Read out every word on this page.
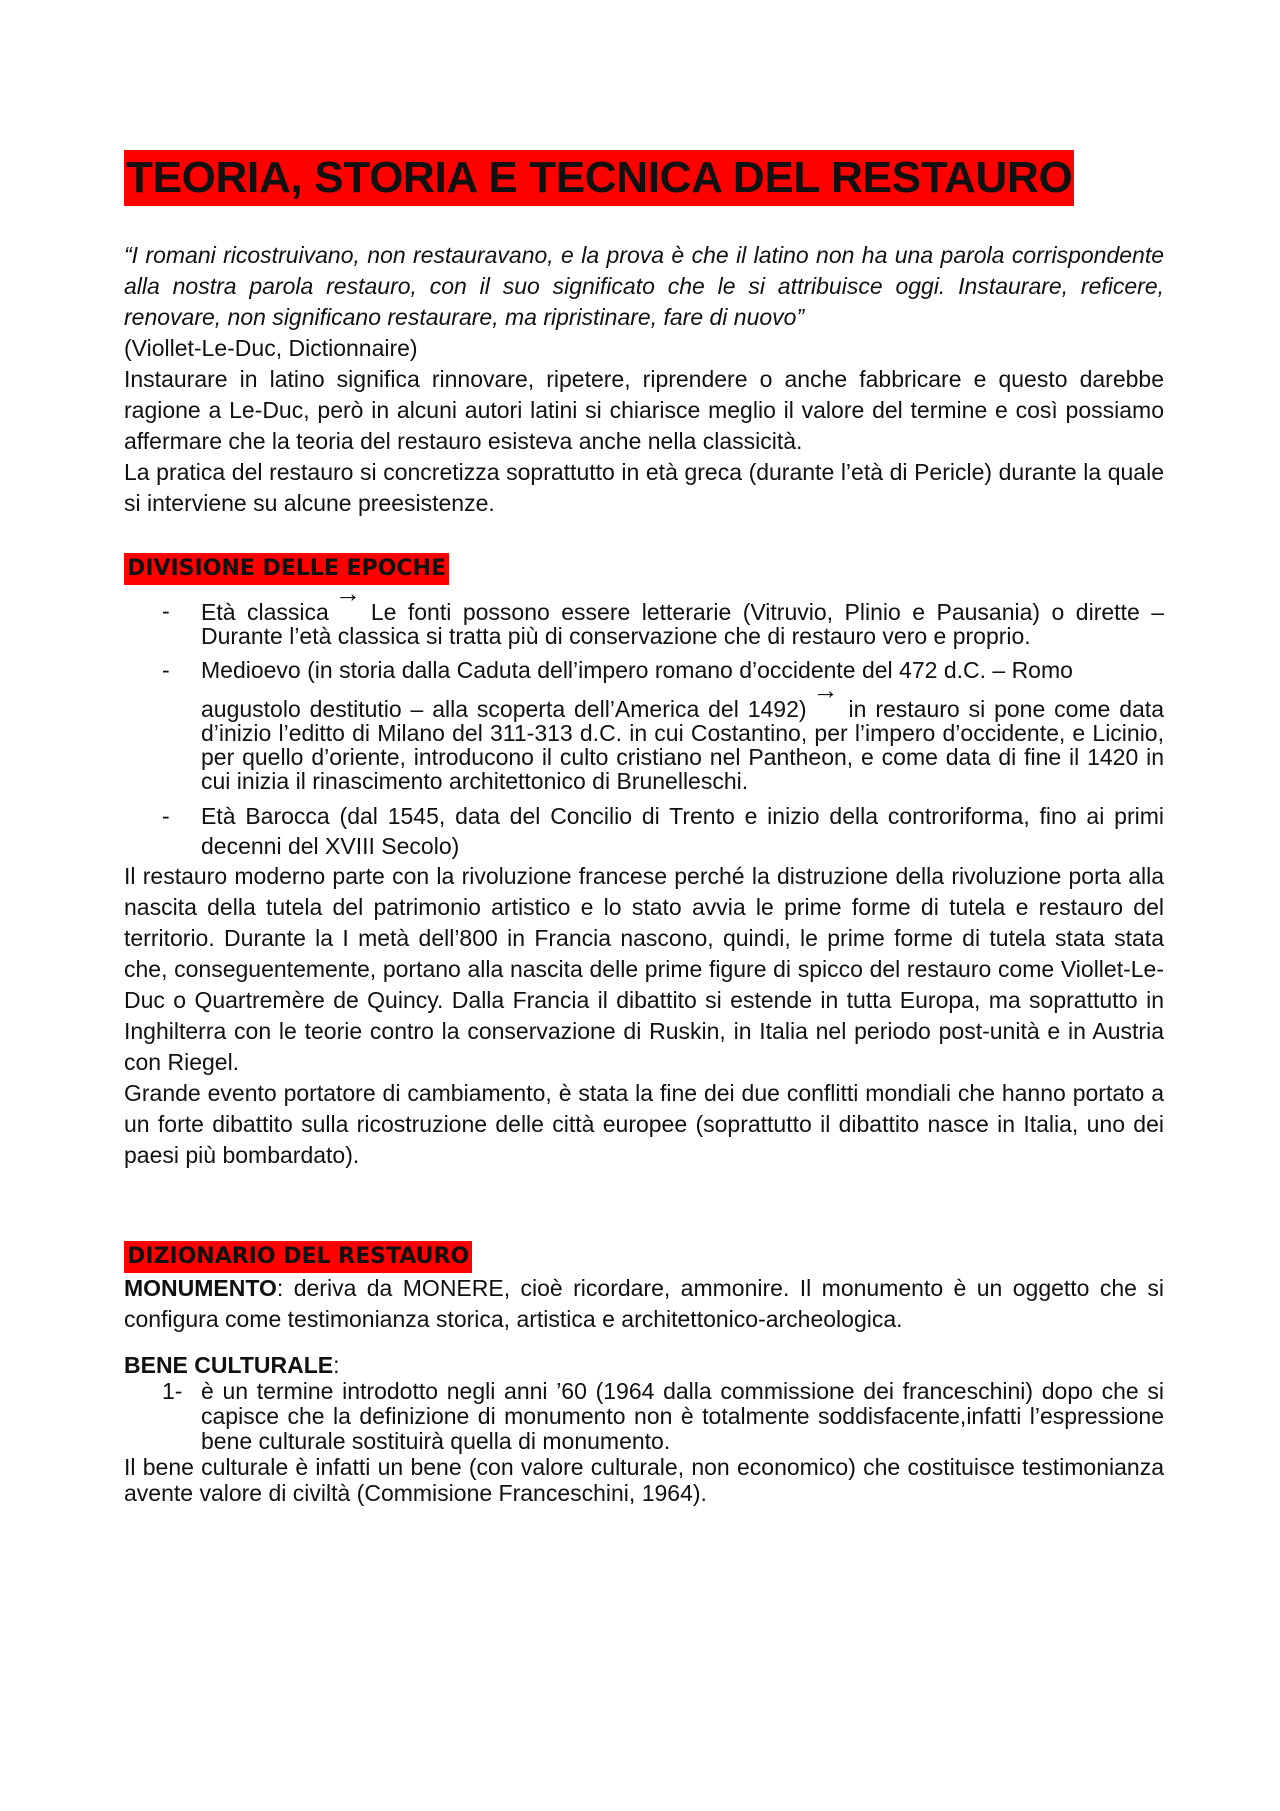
TEORIA, STORIA E TECNICA DEL RESTAURO

“I romani ricostruivano, non restauravano, e la prova è che il latino non ha una parola corrispondente alla nostra parola restauro, con il suo significato che le si attribuisce oggi. Instaurare, reficere, renovare, non significano restaurare, ma ripristinare, fare di nuovo”

(Viollet-Le-Duc, Dictionnaire)

Instaurare in latino significa rinnovare, ripetere, riprendere o anche fabbricare e questo darebbe ragione a Le-Duc, però in alcuni autori latini si chiarisce meglio il valore del termine e così possiamo affermare che la teoria del restauro esisteva anche nella classicità.

La pratica del restauro si concretizza soprattutto in età greca (durante l’età di Pericle) durante la quale si interviene su alcune preesistenze.

DIVISIONE DELLE EPOCHE
- Età classica→Le fonti possono essere letterarie (Vitruvio, Plinio e Pausania) o dirette – Durante l’età classica si tratta più di conservazione che di restauro vero e proprio.
- Medioevo (in storia dalla Caduta dell’impero romano d’occidente del 472 d.C. – Romo
augustolo destitutio – alla scoperta dell’America del 1492)→in restauro si pone come data d’inizio l’editto di Milano del 311-313 d.C. in cui Costantino, per l’impero d’occidente, e Licinio, per quello d’oriente, introducono il culto cristiano nel Pantheon, e come data di fine il 1420 in cui inizia il rinascimento architettonico di Brunelleschi.
- Età Barocca (dal 1545, data del Concilio di Trento e inizio della controriforma, fino ai primi decenni del XVIII Secolo)

Il restauro moderno parte con la rivoluzione francese perché la distruzione della rivoluzione porta alla nascita della tutela del patrimonio artistico e lo stato avvia le prime forme di tutela e restauro del territorio. Durante la I metà dell’800 in Francia nascono, quindi, le prime forme di tutela stata stata che, conseguentemente, portano alla nascita delle prime figure di spicco del restauro come Viollet-Le-Duc o Quartremère de Quincy. Dalla Francia il dibattito si estende in tutta Europa, ma soprattutto in Inghilterra con le teorie contro la conservazione di Ruskin, in Italia nel periodo post-unità e in Austria con Riegel.

Grande evento portatore di cambiamento, è stata la fine dei due conflitti mondiali che hanno portato a un forte dibattito sulla ricostruzione delle città europee (soprattutto il dibattito nasce in Italia, uno dei paesi più bombardato).

DIZIONARIO DEL RESTAURO

MONUMENTO: deriva da MONERE, cioè ricordare, ammonire. Il monumento è un oggetto che si configura come testimonianza storica, artistica e architettonico-archeologica.

BENE CULTURALE:
1- è un termine introdotto negli anni ’60 (1964 dalla commissione dei franceschini) dopo che si capisce che la definizione di monumento non è totalmente soddisfacente,infatti l’espressione bene culturale sostituirà quella di monumento.

Il bene culturale è infatti un bene (con valore culturale, non economico) che costituisce testimonianza avente valore di civiltà (Commisione Franceschini, 1964).
